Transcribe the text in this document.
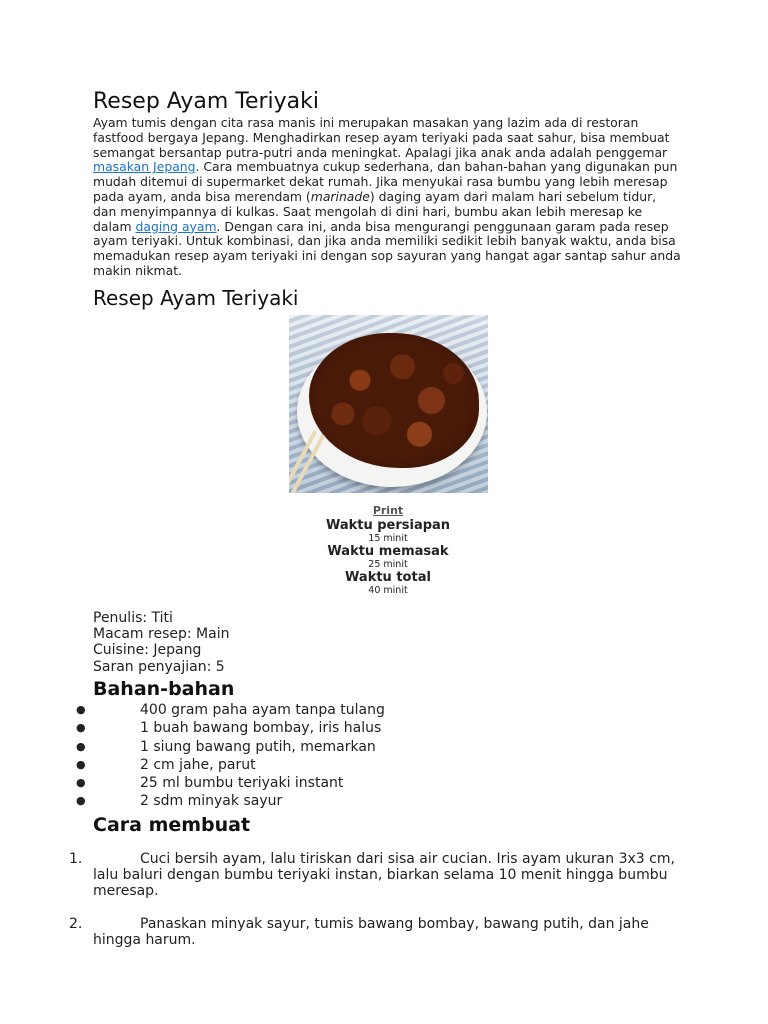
Resep Ayam Teriyaki

Ayam tumis dengan cita rasa manis ini merupakan masakan yang lazim ada di restoran fastfood bergaya Jepang. Menghadirkan resep ayam teriyaki pada saat sahur, bisa membuat semangat bersantap putra-putri anda meningkat. Apalagi jika anak anda adalah penggemar masakan Jepang. Cara membuatnya cukup sederhana, dan bahan-bahan yang digunakan pun mudah ditemui di supermarket dekat rumah. Jika menyukai rasa bumbu yang lebih meresap pada ayam, anda bisa merendam (marinade) daging ayam dari malam hari sebelum tidur, dan menyimpannya di kulkas. Saat mengolah di dini hari, bumbu akan lebih meresap ke dalam daging ayam. Dengan cara ini, anda bisa mengurangi penggunaan garam pada resep ayam teriyaki. Untuk kombinasi, dan jika anda memiliki sedikit lebih banyak waktu, anda bisa memadukan resep ayam teriyaki ini dengan sop sayuran yang hangat agar santap sahur anda makin nikmat.

Resep Ayam Teriyaki
Print
Waktu persiapan
15 minit
Waktu memasak
25 minit
Waktu total
40 minit
Penulis: Titi
Macam resep: Main
Cuisine: Jepang
Saran penyajian: 5
Bahan-bahan
●	400 gram paha ayam tanpa tulang
●	1 buah bawang bombay, iris halus
●	1 siung bawang putih, memarkan
●	2 cm jahe, parut
●	25 ml bumbu teriyaki instant
●	2 sdm minyak sayur
Cara membuat
1.	Cuci bersih ayam, lalu tiriskan dari sisa air cucian. Iris ayam ukuran 3x3 cm, lalu baluri dengan bumbu teriyaki instan, biarkan selama 10 menit hingga bumbu meresap.
2.	Panaskan minyak sayur, tumis bawang bombay, bawang putih, dan jahe hingga harum.
